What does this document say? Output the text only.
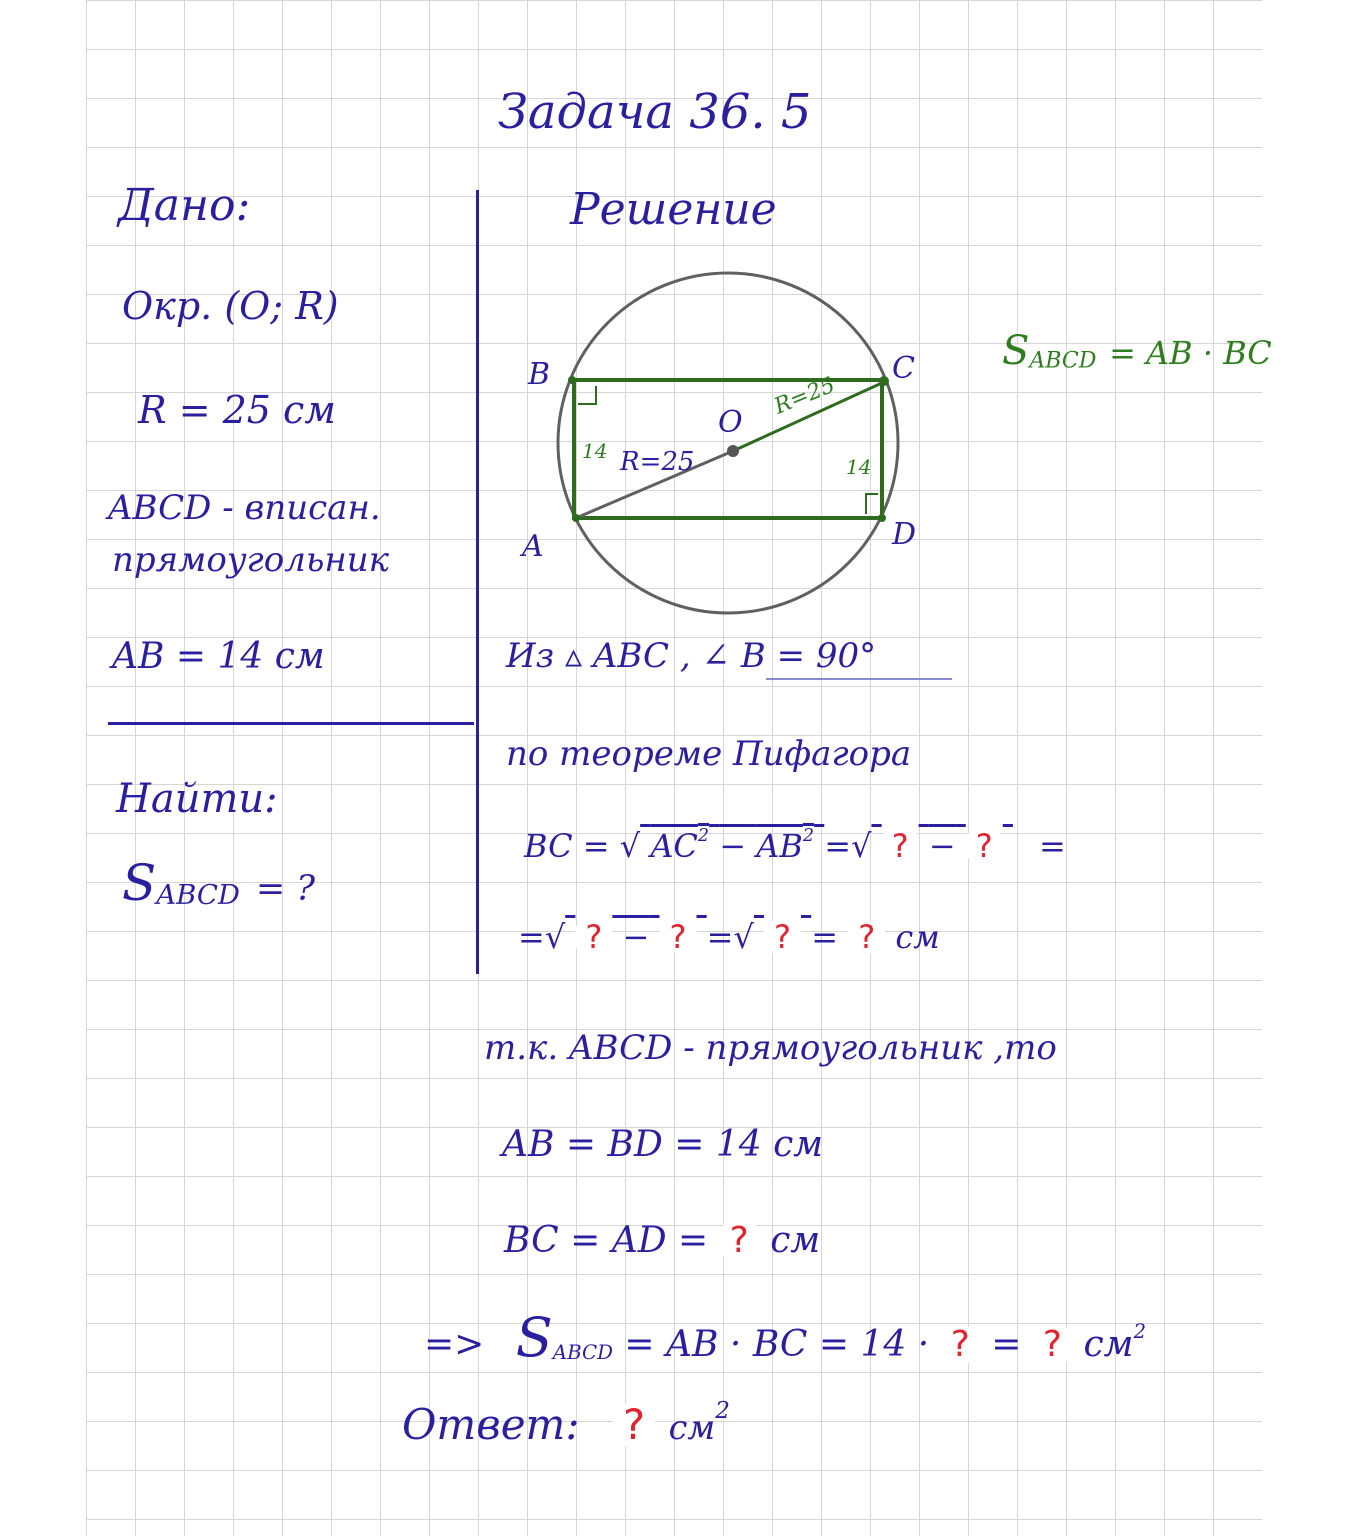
Задача 36. 5
Дано:
Окр. (О; R)
R = 25 см
ABCD - вписан.
прямоугольник
AB = 14 см
Найти:
SABCD = ?
Решение
A
B	C
D
O
R=25
R=25
14
14
SABCD = AB · BC
Из ▵ ABC , ∠ B = 90°
по теореме Пифагора
BC = √ $AC^2 - AB^2$ =√ ? − ? =
=√ ? − ? =√ ? = ? см
т.к. ABCD - прямоугольник ,то
AB = BD = 14 см
BC = AD = ? см
=> SABCD = AB · BC = 14 · ? = ? $см^2$
Ответ: ? $см^2$
